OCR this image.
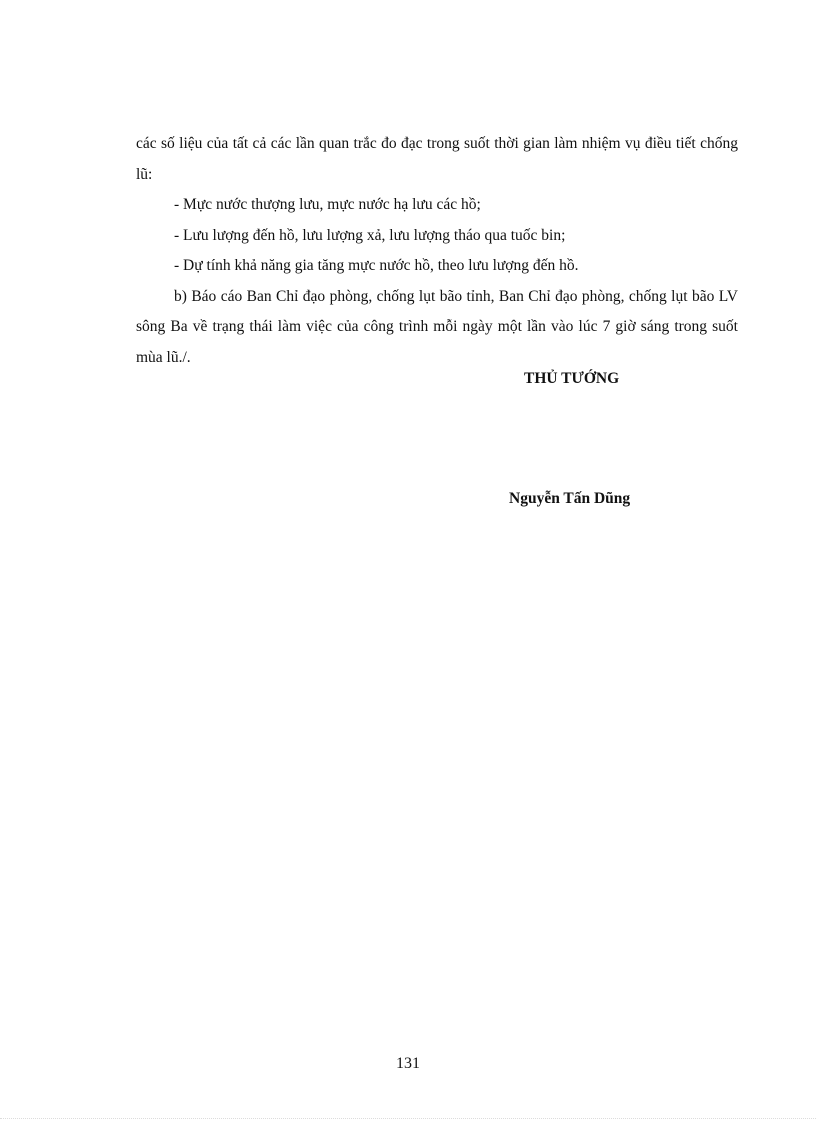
các số liệu của tất cả các lần quan trắc đo đạc trong suốt thời gian làm nhiệm vụ điều tiết chống lũ:

- Mực nước thượng lưu, mực nước hạ lưu các hồ;

- Lưu lượng đến hồ, lưu lượng xả, lưu lượng tháo qua tuốc bin;

- Dự tính khả năng gia tăng mực nước hồ, theo lưu lượng đến hồ.

b) Báo cáo Ban Chỉ đạo phòng, chống lụt bão tỉnh, Ban Chỉ đạo phòng, chống lụt bão LV sông Ba về trạng thái làm việc của công trình mỗi ngày một lần vào lúc 7 giờ sáng trong suốt mùa lũ./.

THỦ TƯỚNG
Nguyễn Tấn Dũng
131
